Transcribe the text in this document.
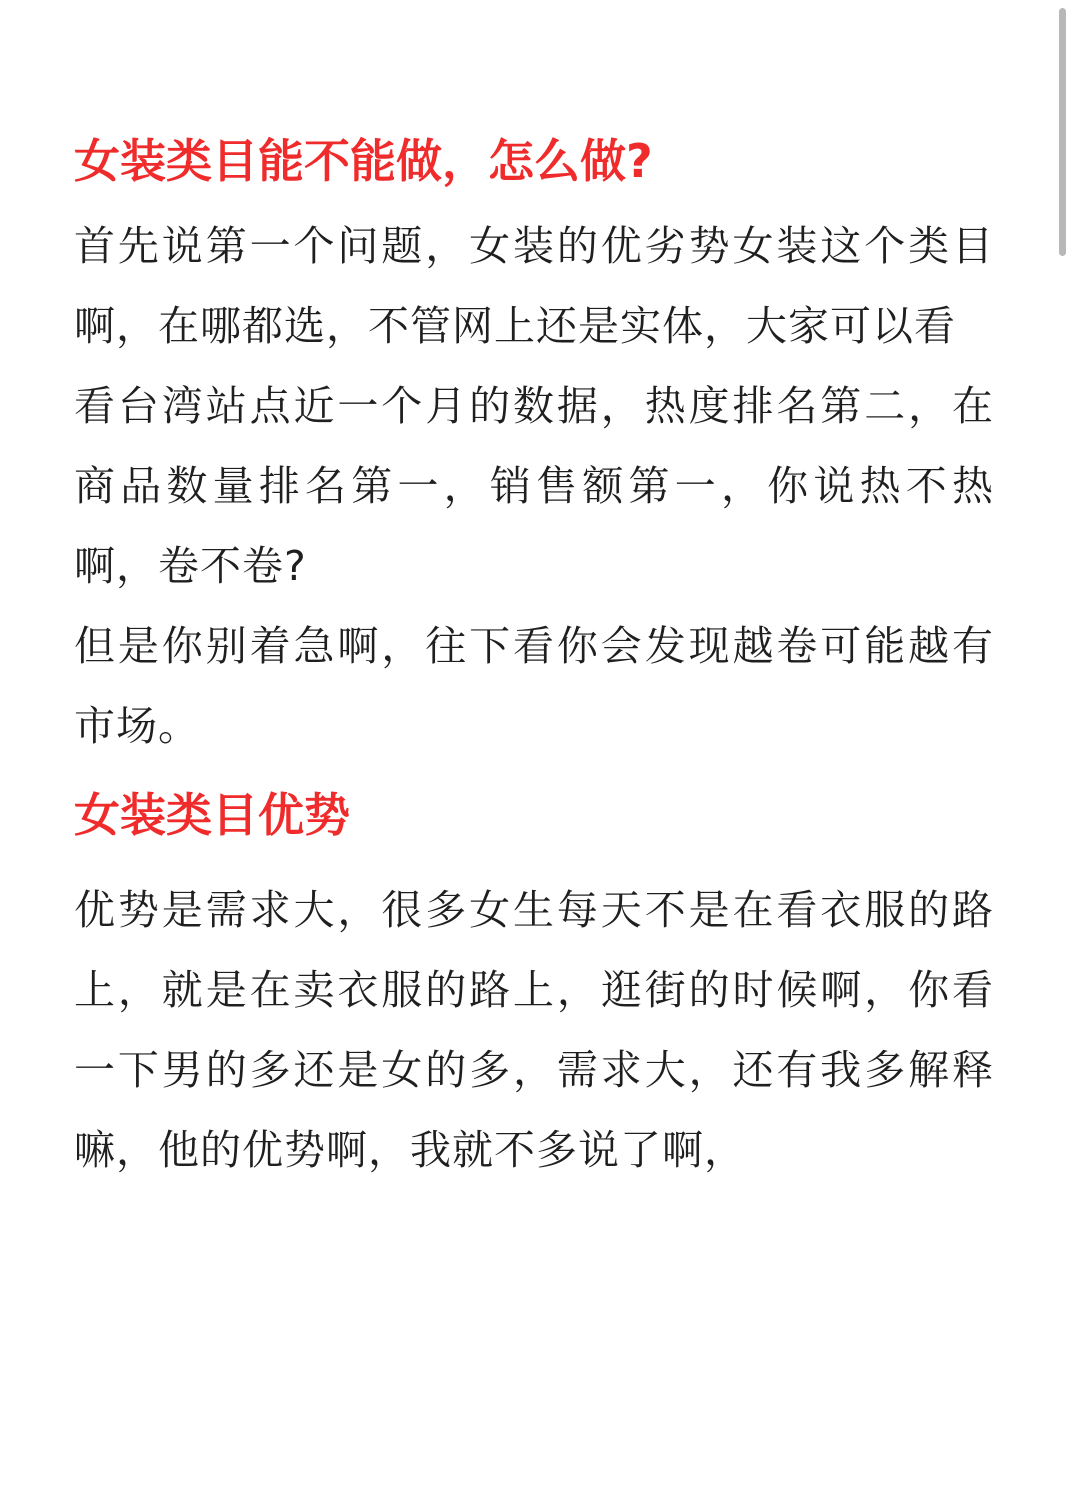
女装类目能不能做，怎么做?

首先说第一个问题，女装的优劣势女装这个类目啊，在哪都选，不管网上还是实体，大家可以看

看台湾站点近一个月的数据，热度排名第二，在商品数量排名第一，销售额第一，你说热不热啊，卷不卷?

但是你别着急啊，往下看你会发现越卷可能越有市场。

女装类目优势

优势是需求大，很多女生每天不是在看衣服的路上，就是在卖衣服的路上，逛街的时候啊，你看一下男的多还是女的多，需求大，还有我多解释嘛，他的优势啊，我就不多说了啊，
